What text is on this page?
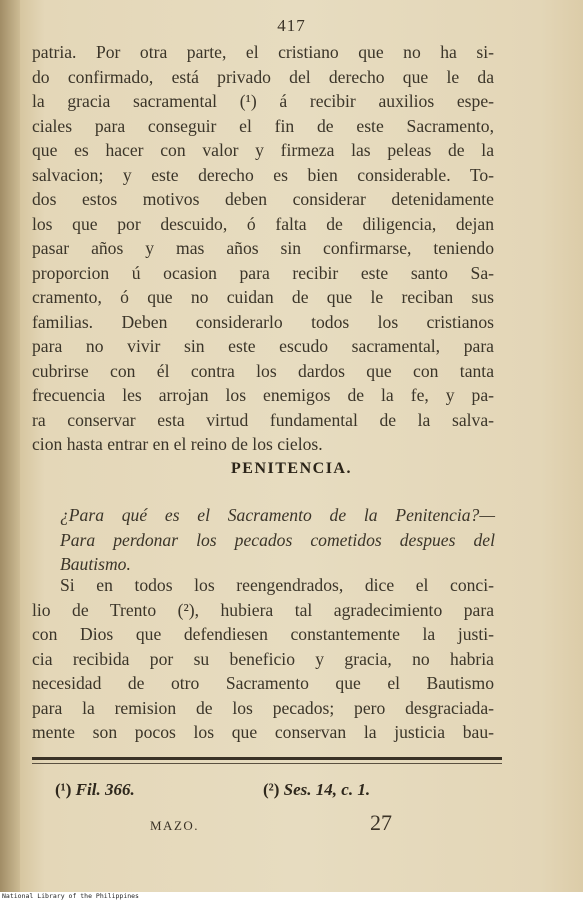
417
patria. Por otra parte, el cristiano que no ha si-
do confirmado, está privado del derecho que le da
la gracia sacramental (¹) á recibir auxilios espe-
ciales para conseguir el fin de este Sacramento,
que es hacer con valor y firmeza las peleas de la
salvacion; y este derecho es bien considerable. To-
dos estos motivos deben considerar detenidamente
los que por descuido, ó falta de diligencia, dejan
pasar años y mas años sin confirmarse, teniendo
proporcion ú ocasion para recibir este santo Sa-
cramento, ó que no cuidan de que le reciban sus
familias. Deben considerarlo todos los cristianos
para no vivir sin este escudo sacramental, para
cubrirse con él contra los dardos que con tanta
frecuencia les arrojan los enemigos de la fe, y pa-
ra conservar esta virtud fundamental de la salva-
cion hasta entrar en el reino de los cielos.
PENITENCIA.
¿Para qué es el Sacramento de la Penitencia?—
Para perdonar los pecados cometidos despues del
Bautismo.
Si en todos los reengendrados, dice el conci-
lio de Trento (²), hubiera tal agradecimiento para
con Dios que defendiesen constantemente la justi-
cia recibida por su beneficio y gracia, no habria
necesidad de otro Sacramento que el Bautismo
para la remision de los pecados; pero desgraciada-
mente son pocos los que conservan la justicia bau-
(¹) Fil. 366.	(²) Ses. 14, c. 1.
MAZO.	27
National Library of the Philippines
